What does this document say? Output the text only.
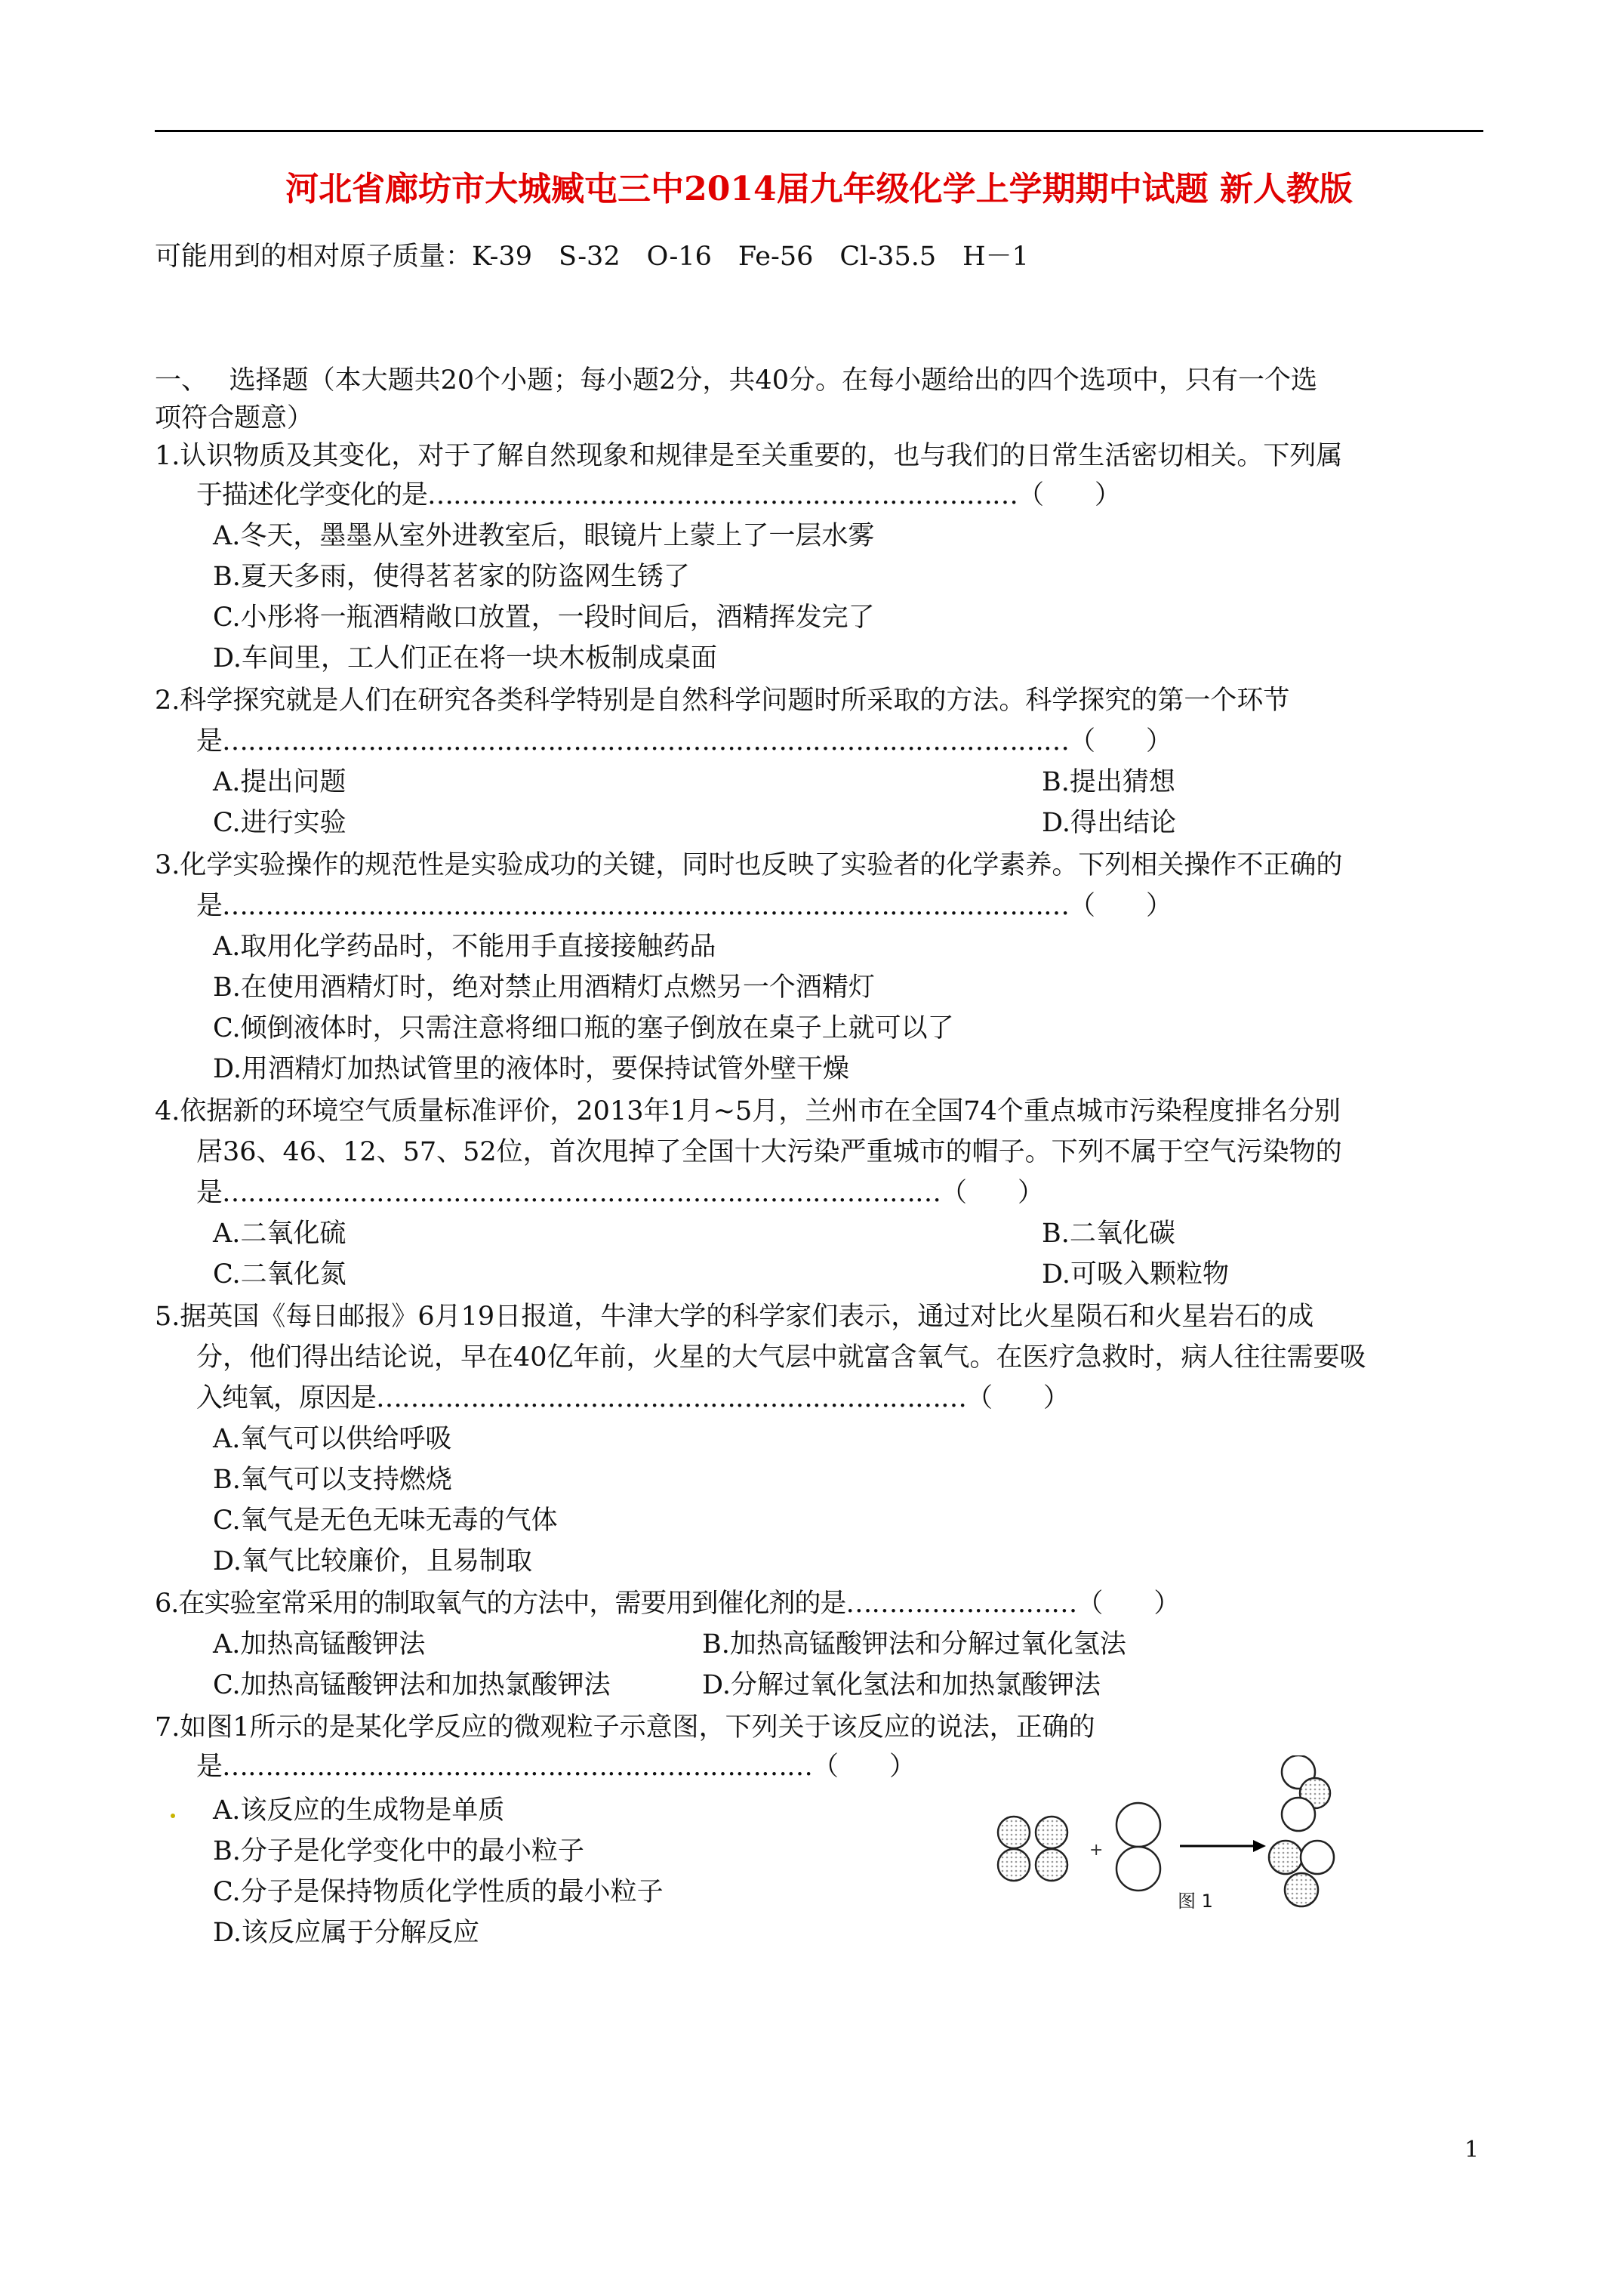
河北省廊坊市大城臧屯三中2014届九年级化学上学期期中试题 新人教版
可能用到的相对原子质量：K-39　S-32　O-16　Fe-56　Cl-35.5　H－1
一、　 选择题（本大题共20个小题；每小题2分，共40分。在每小题给出的四个选项中，只有一个选
项符合题意）
1.认识物质及其变化，对于了解自然现象和规律是至关重要的，也与我们的日常生活密切相关。下列属
于描述化学变化的是……………………………………………………………（　　）
A.冬天，墨墨从室外进教室后，眼镜片上蒙上了一层水雾
B.夏天多雨，使得茗茗家的防盗网生锈了
C.小彤将一瓶酒精敞口放置，一段时间后，酒精挥发完了
D.车间里，工人们正在将一块木板制成桌面
2.科学探究就是人们在研究各类科学特别是自然科学问题时所采取的方法。科学探究的第一个环节
是………………………………………………………………………………………（　　）
A.提出问题	B.提出猜想
C.进行实验	D.得出结论
3.化学实验操作的规范性是实验成功的关键，同时也反映了实验者的化学素养。下列相关操作不正确的
是………………………………………………………………………………………（　　）
A.取用化学药品时，不能用手直接接触药品
B.在使用酒精灯时，绝对禁止用酒精灯点燃另一个酒精灯
C.倾倒液体时，只需注意将细口瓶的塞子倒放在桌子上就可以了
D.用酒精灯加热试管里的液体时，要保持试管外壁干燥
4.依据新的环境空气质量标准评价，2013年1月~5月，兰州市在全国74个重点城市污染程度排名分别
居36、46、12、57、52位，首次甩掉了全国十大污染严重城市的帽子。下列不属于空气污染物的
是…………………………………………………………………………（　　）
A.二氧化硫	B.二氧化碳
C.二氧化氮	D.可吸入颗粒物
5.据英国《每日邮报》6月19日报道，牛津大学的科学家们表示，通过对比火星陨石和火星岩石的成
分，他们得出结论说，早在40亿年前，火星的大气层中就富含氧气。在医疗急救时，病人往往需要吸
入纯氧，原因是……………………………………………………………（　　）
A.氧气可以供给呼吸
B.氧气可以支持燃烧
C.氧气是无色无味无毒的气体
D.氧气比较廉价，且易制取
6.在实验室常采用的制取氧气的方法中，需要用到催化剂的是………………………（　　）
A.加热高锰酸钾法	B.加热高锰酸钾法和分解过氧化氢法
C.加热高锰酸钾法和加热氯酸钾法	D.分解过氧化氢法和加热氯酸钾法
7.如图1所示的是某化学反应的微观粒子示意图，下列关于该反应的说法，正确的
是……………………………………………………………（　　）
A.该反应的生成物是单质
B.分子是化学变化中的最小粒子
C.分子是保持物质化学性质的最小粒子
D.该反应属于分解反应
+
图 1
1
